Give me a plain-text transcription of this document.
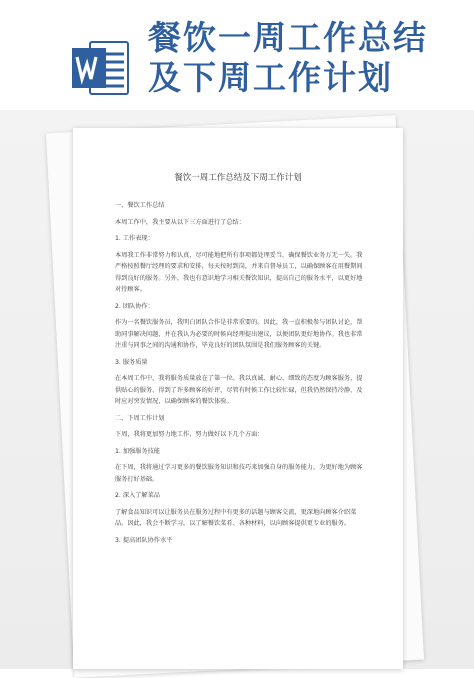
餐饮一周工作总结
及下周工作计划
餐饮一周工作总结及下周工作计划

一、餐饮工作总结

本周工作中，我主要从以下三方面进行了总结：

1. 工作表现：

本周我工作非常努力和认真，尽可能地把所有事项都处理妥当，确保餐饮业务万无一失。我严格按照餐厅经理的要求和安排，每天按时到岗，并来自督导员工，以确保顾客在用餐期间得到良好的服务。另外，我也有意识地学习相关餐饮知识，提高自己的服务水平，以更好地对待顾客。

2. 团队协作：

作为一名餐饮服务员，我明白团队合作是非常重要的。因此，我一直积极参与团队讨论，帮助同事解决问题，并在我认为必要的时候向经理提出建议，以便团队更好地协作。我也非常注重与同事之间的沟通和协作，毕竟良好的团队氛围是我们服务顾客的关键。

3. 服务质量

在本周工作中，我将服务质量放在了第一位。我以真诚、耐心、细致的态度为顾客服务，提供贴心的服务，得到了许多顾客的好评，尽管有时候工作比较忙碌，但我仍然保持冷静，及时应对突发情况，以确保顾客的餐饮体验。

二、下周工作计划

下周，我将更加努力地工作，努力做好以下几个方面：

1. 加强服务技能

在下周，我将通过学习更多的餐饮服务知识和技巧来加强自身的服务能力，为更好地为顾客服务打好基础。

2. 深入了解菜品

了解食品知识可以让服务员在服务过程中有更多的话题与顾客交流，更深地向顾客介绍菜品。因此，我会不断学习，以了解餐饮菜肴、各种材料，以向顾客提供更专业的服务。

3. 提高团队协作水平
